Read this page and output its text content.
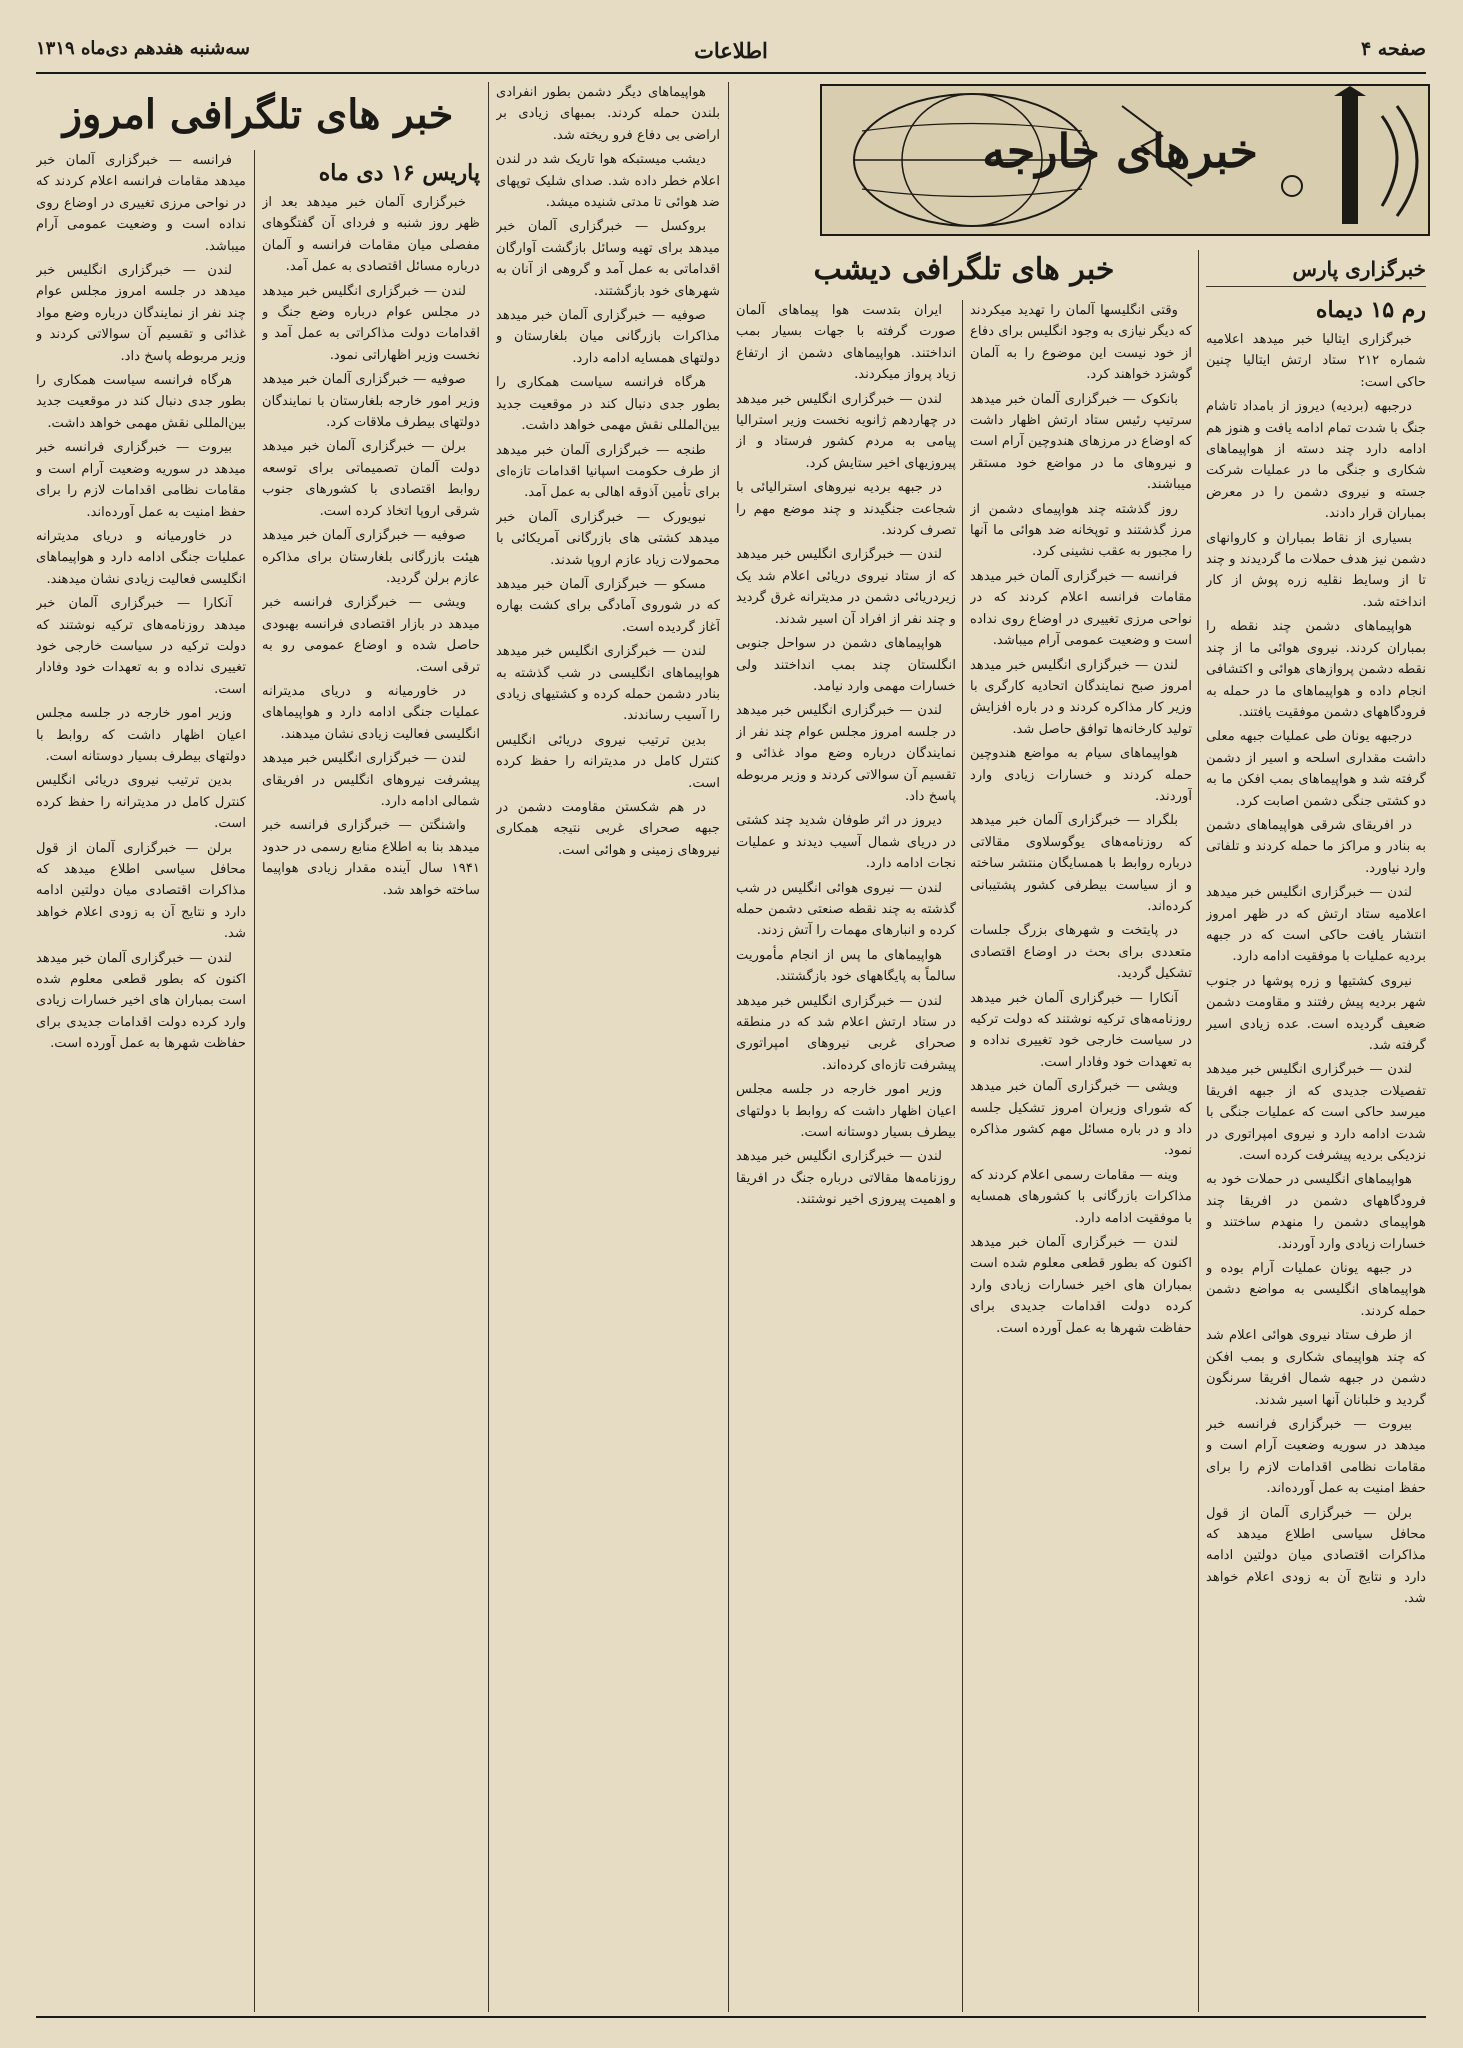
صفحه ۴
اطلاعات
سه‌شنبه هفدهم دی‌ماه ۱۳۱۹
خبرهای خارجه
خبرگزاری پارس
رم ۱۵ دیماه

خبرگزاری ایتالیا خبر میدهد اعلامیه شماره ۲۱۲ ستاد ارتش ایتالیا چنین حاکی است:

درجبهه (بردیه) دیروز از بامداد تاشام جنگ با شدت تمام ادامه یافت و هنوز هم ادامه دارد چند دسته از هواپیماهای شکاری و جنگی ما در عملیات شرکت جسته و نیروی دشمن را در معرض بمباران قرار دادند.

بسیاری از نقاط بمباران و کاروانهای دشمن نیز هدف حملات ما گردیدند و چند تا از وسایط نقلیه زره پوش از کار انداخته شد.

هواپیماهای دشمن چند نقطه را بمباران کردند. نیروی هوائی ما از چند نقطه دشمن پروازهای هوائی و اکتشافی انجام داده و هواپیماهای ما در حمله به فرودگاههای دشمن موفقیت یافتند.

درجبهه یونان طی عملیات جبهه معلی داشت مقداری اسلحه و اسیر از دشمن گرفته شد و هواپیماهای بمب افکن ما به دو کشتی جنگی دشمن اصابت کرد.

در افریقای شرقی هواپیماهای دشمن به بنادر و مراکز ما حمله کردند و تلفاتی وارد نیاورد.

لندن — خبرگزاری انگلیس خبر میدهد اعلامیه ستاد ارتش که در ظهر امروز انتشار یافت حاکی است که در جبهه بردیه عملیات با موفقیت ادامه دارد.

نیروی کشتیها و زره پوشها در جنوب شهر بردیه پیش رفتند و مقاومت دشمن ضعیف گردیده است. عده زیادی اسیر گرفته شد.

لندن — خبرگزاری انگلیس خبر میدهد تفصیلات جدیدی که از جبهه افریقا میرسد حاکی است که عملیات جنگی با شدت ادامه دارد و نیروی امپراتوری در نزدیکی بردیه پیشرفت کرده است.

هواپیماهای انگلیسی در حملات خود به فرودگاههای دشمن در افریقا چند هواپیمای دشمن را منهدم ساختند و خسارات زیادی وارد آوردند.

در جبهه یونان عملیات آرام بوده و هواپیماهای انگلیسی به مواضع دشمن حمله کردند.

از طرف ستاد نیروی هوائی اعلام شد که چند هواپیمای شکاری و بمب افکن دشمن در جبهه شمال افریقا سرنگون گردید و خلبانان آنها اسیر شدند.

بیروت — خبرگزاری فرانسه خبر میدهد در سوریه وضعیت آرام است و مقامات نظامی اقدامات لازم را برای حفظ امنیت به عمل آورده‌اند.

برلن — خبرگزاری آلمان از قول محافل سیاسی اطلاع میدهد که مذاکرات اقتصادی میان دولتین ادامه دارد و نتایج آن به زودی اعلام خواهد شد.

خبر های تلگرافی دیشب

وقتی انگلیسها آلمان را تهدید میکردند که دیگر نیازی به وجود انگلیس برای دفاع از خود نیست این موضوع را به آلمان گوشزد خواهند کرد.

بانکوک — خبرگزاری آلمان خبر میدهد سرتیپ رئیس ستاد ارتش اظهار داشت که اوضاع در مرزهای هندوچین آرام است و نیروهای ما در مواضع خود مستقر میباشند.

روز گذشته چند هواپیمای دشمن از مرز گذشتند و توپخانه ضد هوائی ما آنها را مجبور به عقب نشینی کرد.

فرانسه — خبرگزاری آلمان خبر میدهد مقامات فرانسه اعلام کردند که در نواحی مرزی تغییری در اوضاع روی نداده است و وضعیت عمومی آرام میباشد.

لندن — خبرگزاری انگلیس خبر میدهد امروز صبح نمایندگان اتحادیه کارگری با وزیر کار مذاکره کردند و در باره افزایش تولید کارخانه‌ها توافق حاصل شد.

هواپیماهای سیام به مواضع هندوچین حمله کردند و خسارات زیادی وارد آوردند.

بلگراد — خبرگزاری آلمان خبر میدهد که روزنامه‌های یوگوسلاوی مقالاتی درباره روابط با همسایگان منتشر ساخته و از سیاست بیطرفی کشور پشتیبانی کرده‌اند.

در پایتخت و شهرهای بزرگ جلسات متعددی برای بحث در اوضاع اقتصادی تشکیل گردید.

آنکارا — خبرگزاری آلمان خبر میدهد روزنامه‌های ترکیه نوشتند که دولت ترکیه در سیاست خارجی خود تغییری نداده و به تعهدات خود وفادار است.

ویشی — خبرگزاری آلمان خبر میدهد که شورای وزیران امروز تشکیل جلسه داد و در باره مسائل مهم کشور مذاکره نمود.

وینه — مقامات رسمی اعلام کردند که مذاکرات بازرگانی با کشورهای همسایه با موفقیت ادامه دارد.

لندن — خبرگزاری آلمان خبر میدهد اکنون که بطور قطعی معلوم شده است بمباران های اخیر خسارات زیادی وارد کرده دولت اقدامات جدیدی برای حفاظت شهرها به عمل آورده است.

ایران بتدست هوا پیماهای آلمان صورت گرفته با جهات بسیار بمب انداختند. هواپیماهای دشمن از ارتفاع زیاد پرواز میکردند.

لندن — خبرگزاری انگلیس خبر میدهد در چهاردهم ژانویه نخست وزیر استرالیا پیامی به مردم کشور فرستاد و از پیروزیهای اخیر ستایش کرد.

در جبهه بردیه نیروهای استرالیائی با شجاعت جنگیدند و چند موضع مهم را تصرف کردند.

لندن — خبرگزاری انگلیس خبر میدهد که از ستاد نیروی دریائی اعلام شد یک زیردریائی دشمن در مدیترانه غرق گردید و چند نفر از افراد آن اسیر شدند.

هواپیماهای دشمن در سواحل جنوبی انگلستان چند بمب انداختند ولی خسارات مهمی وارد نیامد.

لندن — خبرگزاری انگلیس خبر میدهد در جلسه امروز مجلس عوام چند نفر از نمایندگان درباره وضع مواد غذائی و تقسیم آن سوالاتی کردند و وزیر مربوطه پاسخ داد.

دیروز در اثر طوفان شدید چند کشتی در دریای شمال آسیب دیدند و عملیات نجات ادامه دارد.

لندن — نیروی هوائی انگلیس در شب گذشته به چند نقطه صنعتی دشمن حمله کرده و انبارهای مهمات را آتش زدند.

هواپیماهای ما پس از انجام مأموریت سالماً به پایگاههای خود بازگشتند.

لندن — خبرگزاری انگلیس خبر میدهد در ستاد ارتش اعلام شد که در منطقه صحرای غربی نیروهای امپراتوری پیشرفت تازه‌ای کرده‌اند.

وزیر امور خارجه در جلسه مجلس اعیان اظهار داشت که روابط با دولتهای بیطرف بسیار دوستانه است.

لندن — خبرگزاری انگلیس خبر میدهد روزنامه‌ها مقالاتی درباره جنگ در افریقا و اهمیت پیروزی اخیر نوشتند.

هواپیماهای دیگر دشمن بطور انفرادی بلندن حمله کردند. بمبهای زیادی بر اراضی بی دفاع فرو ریخته شد.

دیشب میستبکه هوا تاریک شد در لندن اعلام خطر داده شد. صدای شلیک توپهای ضد هوائی تا مدتی شنیده میشد.

بروکسل — خبرگزاری آلمان خبر میدهد برای تهیه وسائل بازگشت آوارگان اقداماتی به عمل آمد و گروهی از آنان به شهرهای خود بازگشتند.

صوفیه — خبرگزاری آلمان خبر میدهد مذاکرات بازرگانی میان بلغارستان و دولتهای همسایه ادامه دارد.

هرگاه فرانسه سیاست همکاری را بطور جدی دنبال کند در موقعیت جدید بین‌المللی نقش مهمی خواهد داشت.

طنجه — خبرگزاری آلمان خبر میدهد از طرف حکومت اسپانیا اقدامات تازه‌ای برای تأمین آذوقه اهالی به عمل آمد.

نیویورک — خبرگزاری آلمان خبر میدهد کشتی های بازرگانی آمریکائی با محمولات زیاد عازم اروپا شدند.

مسکو — خبرگزاری آلمان خبر میدهد که در شوروی آمادگی برای کشت بهاره آغاز گردیده است.

لندن — خبرگزاری انگلیس خبر میدهد هواپیماهای انگلیسی در شب گذشته به بنادر دشمن حمله کرده و کشتیهای زیادی را آسیب رساندند.

بدین ترتیب نیروی دریائی انگلیس کنترل کامل در مدیترانه را حفظ کرده است.

در هم شکستن مقاومت دشمن در جبهه صحرای غربی نتیجه همکاری نیروهای زمینی و هوائی است.

خبر های تلگرافی امروز
پاریس ۱۶ دی ماه

خبرگزاری آلمان خبر میدهد بعد از ظهر روز شنبه و فردای آن گفتگوهای مفصلی میان مقامات فرانسه و آلمان درباره مسائل اقتصادی به عمل آمد.

لندن — خبرگزاری انگلیس خبر میدهد در مجلس عوام درباره وضع جنگ و اقدامات دولت مذاکراتی به عمل آمد و نخست وزیر اظهاراتی نمود.

صوفیه — خبرگزاری آلمان خبر میدهد وزیر امور خارجه بلغارستان با نمایندگان دولتهای بیطرف ملاقات کرد.

برلن — خبرگزاری آلمان خبر میدهد دولت آلمان تصمیماتی برای توسعه روابط اقتصادی با کشورهای جنوب شرقی اروپا اتخاذ کرده است.

صوفیه — خبرگزاری آلمان خبر میدهد هیئت بازرگانی بلغارستان برای مذاکره عازم برلن گردید.

ویشی — خبرگزاری فرانسه خبر میدهد در بازار اقتصادی فرانسه بهبودی حاصل شده و اوضاع عمومی رو به ترقی است.

در خاورمیانه و دریای مدیترانه عملیات جنگی ادامه دارد و هواپیماهای انگلیسی فعالیت زیادی نشان میدهند.

لندن — خبرگزاری انگلیس خبر میدهد پیشرفت نیروهای انگلیس در افریقای شمالی ادامه دارد.

واشنگتن — خبرگزاری فرانسه خبر میدهد بنا به اطلاع منابع رسمی در حدود ۱۹۴۱ سال آینده مقدار زیادی هواپیما ساخته خواهد شد.

فرانسه — خبرگزاری آلمان خبر میدهد مقامات فرانسه اعلام کردند که در نواحی مرزی تغییری در اوضاع روی نداده است و وضعیت عمومی آرام میباشد.

لندن — خبرگزاری انگلیس خبر میدهد در جلسه امروز مجلس عوام چند نفر از نمایندگان درباره وضع مواد غذائی و تقسیم آن سوالاتی کردند و وزیر مربوطه پاسخ داد.

هرگاه فرانسه سیاست همکاری را بطور جدی دنبال کند در موقعیت جدید بین‌المللی نقش مهمی خواهد داشت.

بیروت — خبرگزاری فرانسه خبر میدهد در سوریه وضعیت آرام است و مقامات نظامی اقدامات لازم را برای حفظ امنیت به عمل آورده‌اند.

در خاورمیانه و دریای مدیترانه عملیات جنگی ادامه دارد و هواپیماهای انگلیسی فعالیت زیادی نشان میدهند.

آنکارا — خبرگزاری آلمان خبر میدهد روزنامه‌های ترکیه نوشتند که دولت ترکیه در سیاست خارجی خود تغییری نداده و به تعهدات خود وفادار است.

وزیر امور خارجه در جلسه مجلس اعیان اظهار داشت که روابط با دولتهای بیطرف بسیار دوستانه است.

بدین ترتیب نیروی دریائی انگلیس کنترل کامل در مدیترانه را حفظ کرده است.

برلن — خبرگزاری آلمان از قول محافل سیاسی اطلاع میدهد که مذاکرات اقتصادی میان دولتین ادامه دارد و نتایج آن به زودی اعلام خواهد شد.

لندن — خبرگزاری آلمان خبر میدهد اکنون که بطور قطعی معلوم شده است بمباران های اخیر خسارات زیادی وارد کرده دولت اقدامات جدیدی برای حفاظت شهرها به عمل آورده است.
